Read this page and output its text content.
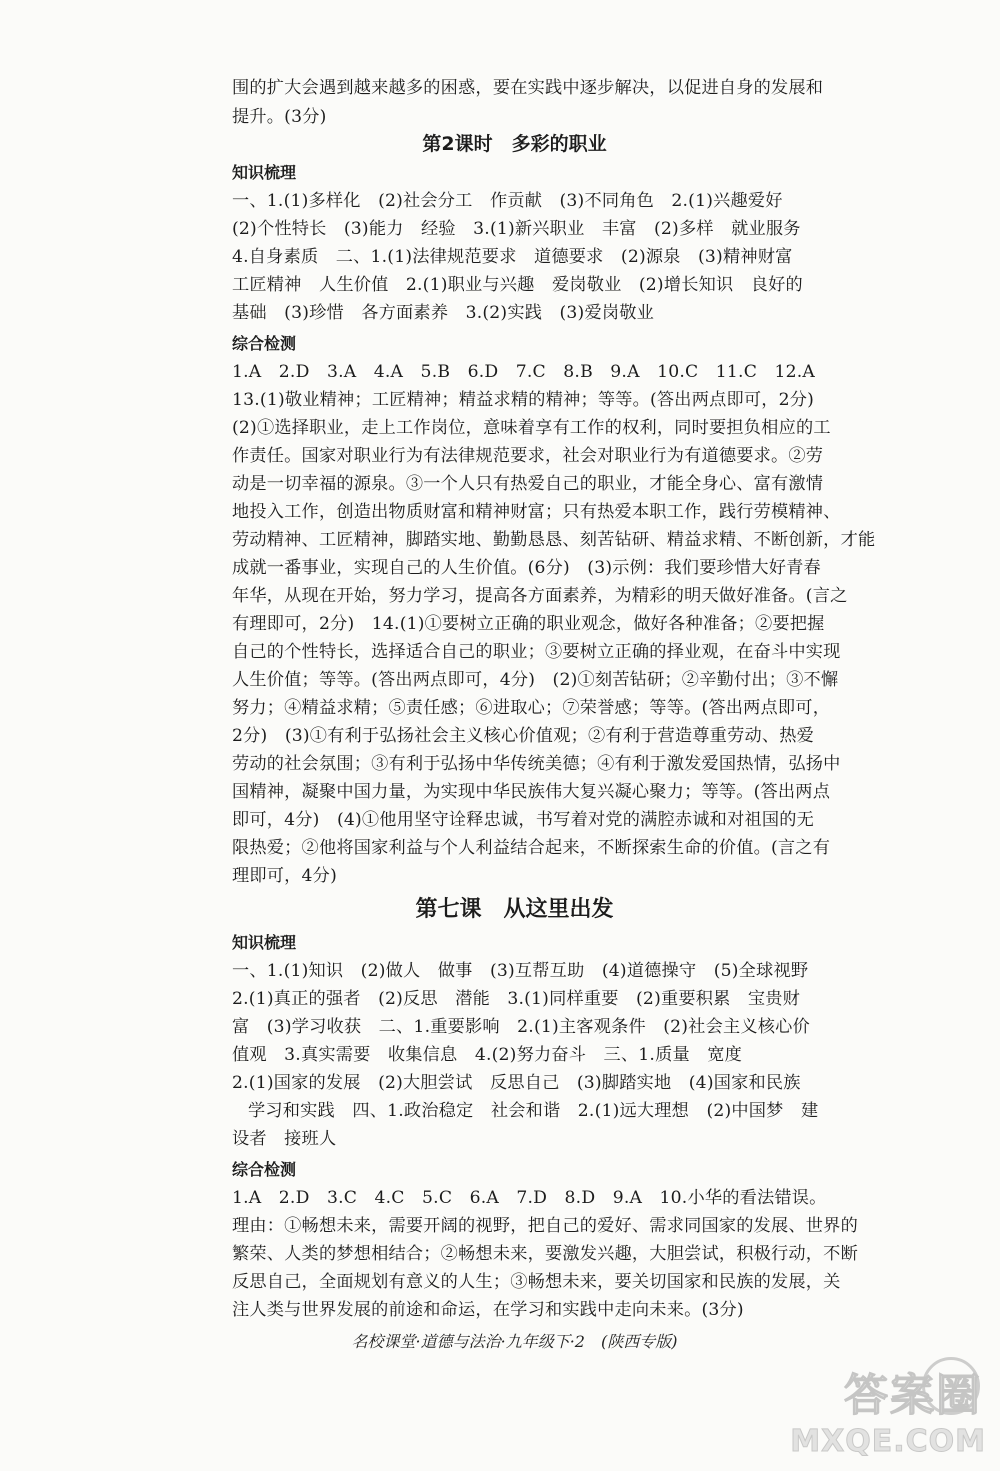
围的扩大会遇到越来越多的困惑，要在实践中逐步解决，以促进自身的发展和
提升。(3分)
第2课时　多彩的职业
知识梳理
一、1.(1)多样化　(2)社会分工　作贡献　(3)不同角色　2.(1)兴趣爱好
(2)个性特长　(3)能力　经验　3.(1)新兴职业　丰富　(2)多样　就业服务
4.自身素质　二、1.(1)法律规范要求　道德要求　(2)源泉　(3)精神财富
工匠精神　人生价值　2.(1)职业与兴趣　爱岗敬业　(2)增长知识　良好的
基础　(3)珍惜　各方面素养　3.(2)实践　(3)爱岗敬业
综合检测
1.A　2.D　3.A　4.A　5.B　6.D　7.C　8.B　9.A　10.C　11.C　12.A
13.(1)敬业精神；工匠精神；精益求精的精神；等等。(答出两点即可，2分)
(2)①选择职业，走上工作岗位，意味着享有工作的权利，同时要担负相应的工
作责任。国家对职业行为有法律规范要求，社会对职业行为有道德要求。②劳
动是一切幸福的源泉。③一个人只有热爱自己的职业，才能全身心、富有激情
地投入工作，创造出物质财富和精神财富；只有热爱本职工作，践行劳模精神、
劳动精神、工匠精神，脚踏实地、勤勤恳恳、刻苦钻研、精益求精、不断创新，才能
成就一番事业，实现自己的人生价值。(6分)　(3)示例：我们要珍惜大好青春
年华，从现在开始，努力学习，提高各方面素养，为精彩的明天做好准备。(言之
有理即可，2分)　14.(1)①要树立正确的职业观念，做好各种准备；②要把握
自己的个性特长，选择适合自己的职业；③要树立正确的择业观，在奋斗中实现
人生价值；等等。(答出两点即可，4分)　(2)①刻苦钻研；②辛勤付出；③不懈
努力；④精益求精；⑤责任感；⑥进取心；⑦荣誉感；等等。(答出两点即可，
2分)　(3)①有利于弘扬社会主义核心价值观；②有利于营造尊重劳动、热爱
劳动的社会氛围；③有利于弘扬中华传统美德；④有利于激发爱国热情，弘扬中
国精神，凝聚中国力量，为实现中华民族伟大复兴凝心聚力；等等。(答出两点
即可，4分)　(4)①他用坚守诠释忠诚，书写着对党的满腔赤诚和对祖国的无
限热爱；②他将国家利益与个人利益结合起来，不断探索生命的价值。(言之有
理即可，4分)
第七课　从这里出发
知识梳理
一、1.(1)知识　(2)做人　做事　(3)互帮互助　(4)道德操守　(5)全球视野
2.(1)真正的强者　(2)反思　潜能　3.(1)同样重要　(2)重要积累　宝贵财
富　(3)学习收获　二、1.重要影响　2.(1)主客观条件　(2)社会主义核心价
值观　3.真实需要　收集信息　4.(2)努力奋斗　三、1.质量　宽度
2.(1)国家的发展　(2)大胆尝试　反思自己　(3)脚踏实地　(4)国家和民族
学习和实践　四、1.政治稳定　社会和谐　2.(1)远大理想　(2)中国梦　建
设者　接班人
综合检测
1.A　2.D　3.C　4.C　5.C　6.A　7.D　8.D　9.A　10.小华的看法错误。
理由：①畅想未来，需要开阔的视野，把自己的爱好、需求同国家的发展、世界的
繁荣、人类的梦想相结合；②畅想未来，要激发兴趣，大胆尝试，积极行动，不断
反思自己，全面规划有意义的人生；③畅想未来，要关切国家和民族的发展，关
注人类与世界发展的前途和命运，在学习和实践中走向未来。(3分)
名校课堂·道德与法治·九年级下·2　(陕西专版)
答案圈
MXQE.COM
